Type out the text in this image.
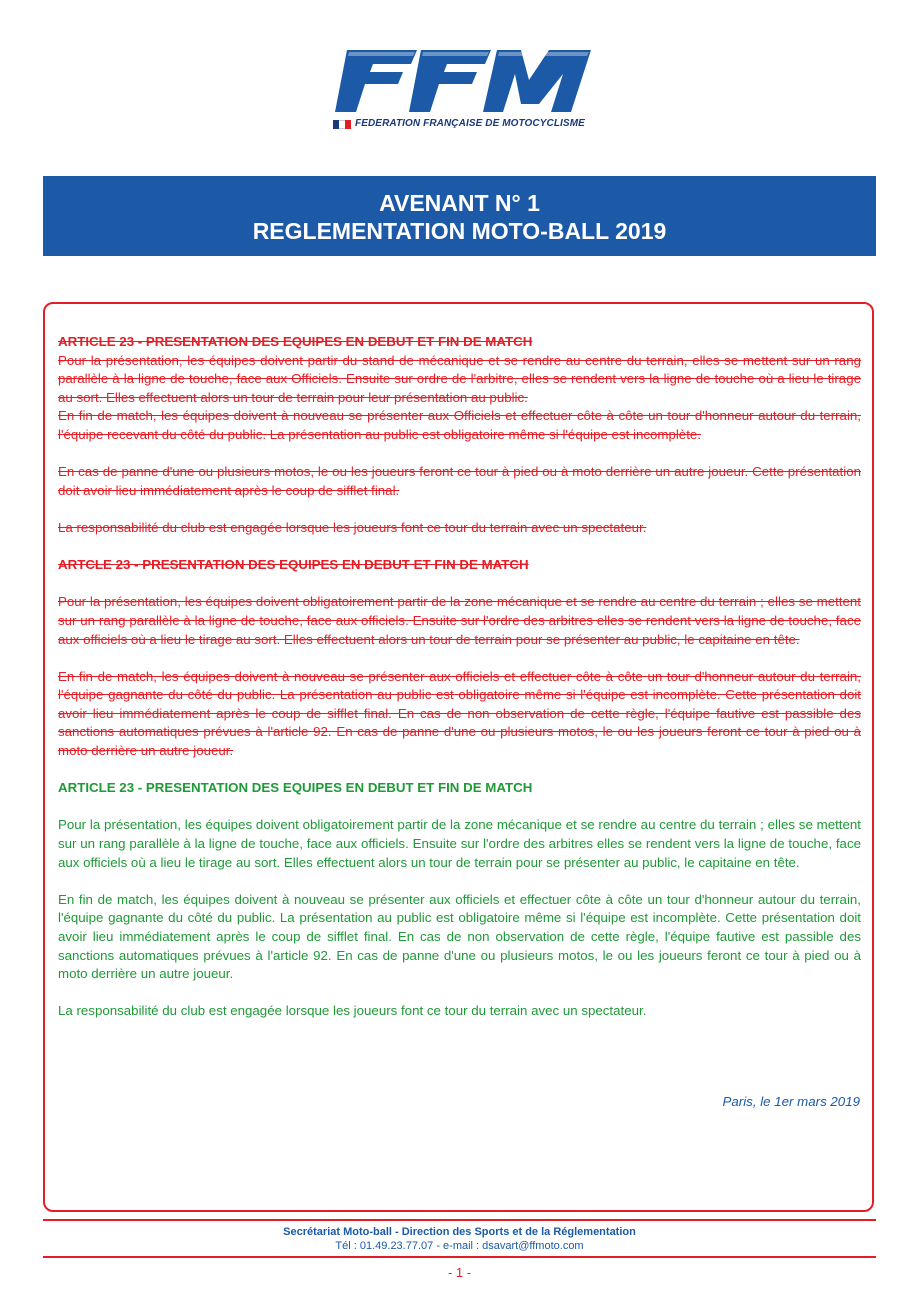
FEDERATION FRANÇAISE DE MOTOCYCLISME
AVENANT N° 1
REGLEMENTATION MOTO-BALL 2019

ARTICLE 23 - PRESENTATION DES EQUIPES EN DEBUT ET FIN DE MATCH

Pour la présentation, les équipes doivent partir du stand de mécanique et se rendre au centre du terrain, elles se mettent sur un rang parallèle à la ligne de touche, face aux Officiels. Ensuite sur ordre de l'arbitre, elles se rendent vers la ligne de touche où a lieu le tirage au sort. Elles effectuent alors un tour de terrain pour leur présentation au public.

En fin de match, les équipes doivent à nouveau se présenter aux Officiels et effectuer côte à côte un tour d'honneur autour du terrain, l'équipe recevant du côté du public. La présentation au public est obligatoire même si l'équipe est incomplète.

En cas de panne d'une ou plusieurs motos, le ou les joueurs feront ce tour à pied ou à moto derrière un autre joueur. Cette présentation doit avoir lieu immédiatement après le coup de sifflet final.

La responsabilité du club est engagée lorsque les joueurs font ce tour du terrain avec un spectateur.

ARTCLE 23 - PRESENTATION DES EQUIPES EN DEBUT ET FIN DE MATCH

Pour la présentation, les équipes doivent obligatoirement partir de la zone mécanique et se rendre au centre du terrain ; elles se mettent sur un rang parallèle à la ligne de touche, face aux officiels. Ensuite sur l'ordre des arbitres elles se rendent vers la ligne de touche, face aux officiels où a lieu le tirage au sort. Elles effectuent alors un tour de terrain pour se présenter au public, le capitaine en tête.

En fin de match, les équipes doivent à nouveau se présenter aux officiels et effectuer côte à côte un tour d'honneur autour du terrain, l'équipe gagnante du côté du public. La présentation au public est obligatoire même si l'équipe est incomplète. Cette présentation doit avoir lieu immédiatement après le coup de sifflet final. En cas de non observation de cette règle, l'équipe fautive est passible des sanctions automatiques prévues à l'article 92. En cas de panne d'une ou plusieurs motos, le ou les joueurs feront ce tour à pied ou à moto derrière un autre joueur.

ARTICLE 23 - PRESENTATION DES EQUIPES EN DEBUT ET FIN DE MATCH

Pour la présentation, les équipes doivent obligatoirement partir de la zone mécanique et se rendre au centre du terrain ; elles se mettent sur un rang parallèle à la ligne de touche, face aux officiels. Ensuite sur l'ordre des arbitres elles se rendent vers la ligne de touche, face aux officiels où a lieu le tirage au sort. Elles effectuent alors un tour de terrain pour se présenter au public, le capitaine en tête.

En fin de match, les équipes doivent à nouveau se présenter aux officiels et effectuer côte à côte un tour d'honneur autour du terrain, l'équipe gagnante du côté du public. La présentation au public est obligatoire même si l'équipe est incomplète. Cette présentation doit avoir lieu immédiatement après le coup de sifflet final. En cas de non observation de cette règle, l'équipe fautive est passible des sanctions automatiques prévues à l'article 92. En cas de panne d'une ou plusieurs motos, le ou les joueurs feront ce tour à pied ou à moto derrière un autre joueur.

La responsabilité du club est engagée lorsque les joueurs font ce tour du terrain avec un spectateur.

Paris, le 1er mars 2019
Secrétariat Moto-ball - Direction des Sports et de la Réglementation
Tél : 01.49.23.77.07 - e-mail : dsavart@ffmoto.com
- 1 -
